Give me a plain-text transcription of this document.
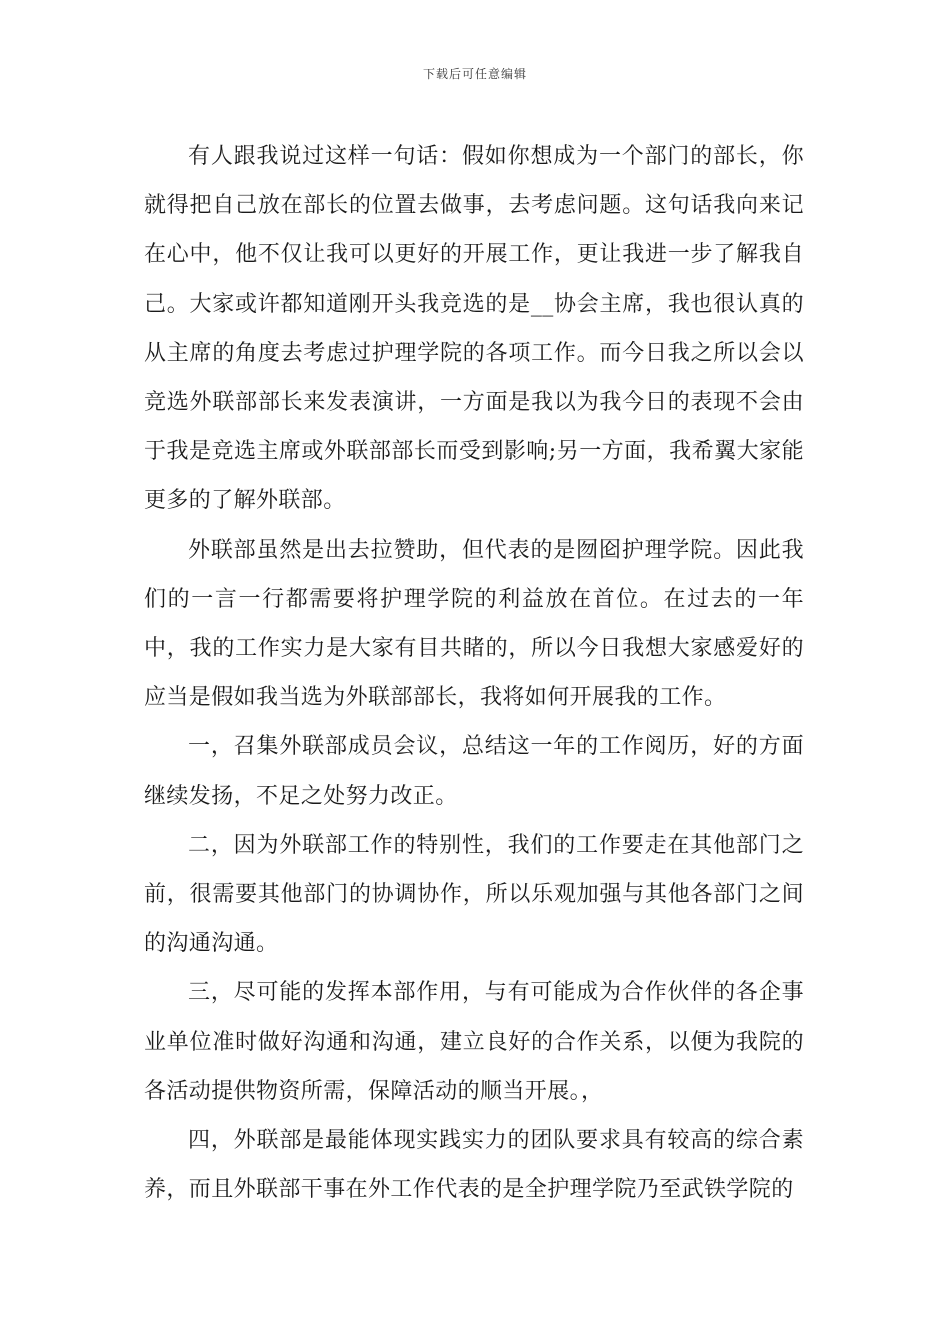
下载后可任意编辑

有人跟我说过这样一句话：假如你想成为一个部门的部长，你就得把自己放在部长的位置去做事，去考虑问题。这句话我向来记在心中，他不仅让我可以更好的开展工作，更让我进一步了解我自己。大家或许都知道刚开头我竞选的是__协会主席，我也很认真的从主席的角度去考虑过护理学院的各项工作。而今日我之所以会以竞选外联部部长来发表演讲，一方面是我以为我今日的表现不会由于我是竞选主席或外联部部长而受到影响;另一方面，我希翼大家能更多的了解外联部。

外联部虽然是出去拉赞助，但代表的是囫囵护理学院。因此我们的一言一行都需要将护理学院的利益放在首位。在过去的一年中，我的工作实力是大家有目共睹的，所以今日我想大家感爱好的应当是假如我当选为外联部部长，我将如何开展我的工作。

一，召集外联部成员会议，总结这一年的工作阅历，好的方面继续发扬，不足之处努力改正。

二，因为外联部工作的特别性，我们的工作要走在其他部门之前，很需要其他部门的协调协作，所以乐观加强与其他各部门之间的沟通沟通。

三，尽可能的发挥本部作用，与有可能成为合作伙伴的各企事业单位准时做好沟通和沟通，建立良好的合作关系，以便为我院的各活动提供物资所需，保障活动的顺当开展。，

四，外联部是最能体现实践实力的团队要求具有较高的综合素养，而且外联部干事在外工作代表的是全护理学院乃至武铁学院的
